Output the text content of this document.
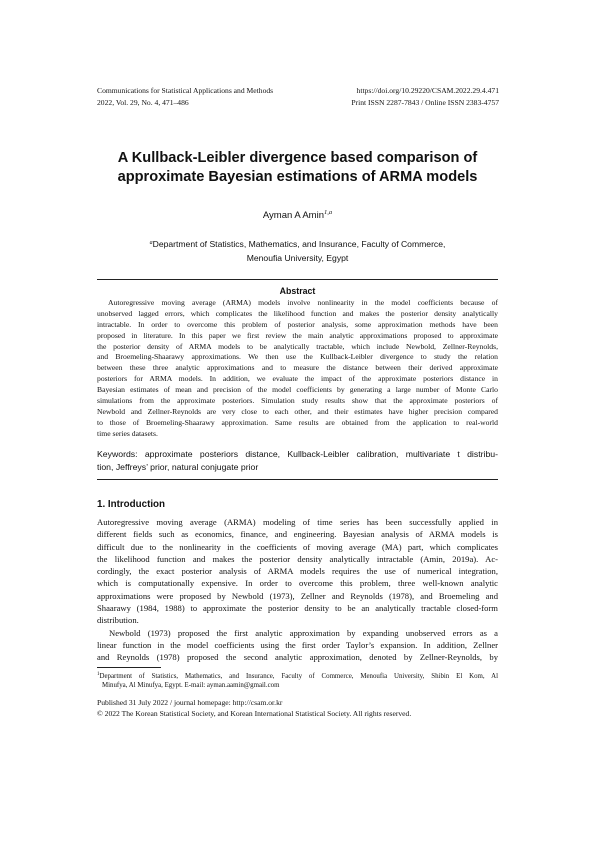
Communications for Statistical Applications and Methods
2022, Vol. 29, No. 4, 471–486
https://doi.org/10.29220/CSAM.2022.29.4.471
Print ISSN 2287-7843 / Online ISSN 2383-4757
A Kullback-Leibler divergence based comparison of
approximate Bayesian estimations of ARMA models
Ayman A Amin$^{1,a}$
$^a$Department of Statistics, Mathematics, and Insurance, Faculty of Commerce,
Menoufia University, Egypt
Abstract
Autoregressive moving average (ARMA) models involve nonlinearity in the model coefficients because of
unobserved lagged errors, which complicates the likelihood function and makes the posterior density analytically
intractable. In order to overcome this problem of posterior analysis, some approximation methods have been
proposed in literature. In this paper we first review the main analytic approximations proposed to approximate
the posterior density of ARMA models to be analytically tractable, which include Newbold, Zellner-Reynolds,
and Broemeling-Shaarawy approximations. We then use the Kullback-Leibler divergence to study the relation
between these three analytic approximations and to measure the distance between their derived approximate
posteriors for ARMA models. In addition, we evaluate the impact of the approximate posteriors distance in
Bayesian estimates of mean and precision of the model coefficients by generating a large number of Monte Carlo
simulations from the approximate posteriors. Simulation study results show that the approximate posteriors of
Newbold and Zellner-Reynolds are very close to each other, and their estimates have higher precision compared
to those of Broemeling-Shaarawy approximation. Same results are obtained from the application to real-world
time series datasets.
Keywords: approximate posteriors distance, Kullback-Leibler calibration, multivariate t distribu-
tion, Jeffreys’ prior, natural conjugate prior
1. Introduction
Autoregressive moving average (ARMA) modeling of time series has been successfully applied in
different fields such as economics, finance, and engineering. Bayesian analysis of ARMA models is
difficult due to the nonlinearity in the coefficients of moving average (MA) part, which complicates
the likelihood function and makes the posterior density analytically intractable (Amin, 2019a). Ac-
cordingly, the exact posterior analysis of ARMA models requires the use of numerical integration,
which is computationally expensive. In order to overcome this problem, three well-known analytic
approximations were proposed by Newbold (1973), Zellner and Reynolds (1978), and Broemeling and
Shaarawy (1984, 1988) to approximate the posterior density to be an analytically tractable closed-form
distribution.
Newbold (1973) proposed the first analytic approximation by expanding unobserved errors as a
linear function in the model coefficients using the first order Taylor’s expansion. In addition, Zellner
and Reynolds (1978) proposed the second analytic approximation, denoted by Zellner-Reynolds, by
$^1$Department of Statistics, Mathematics, and Insurance, Faculty of Commerce, Menoufia University, Shibin El Kom, Al
Minufya, Al Minufya, Egypt. E-mail: ayman.aamin@gmail.com
Published 31 July 2022 / journal homepage: http://csam.or.kr
© 2022 The Korean Statistical Society, and Korean International Statistical Society. All rights reserved.
